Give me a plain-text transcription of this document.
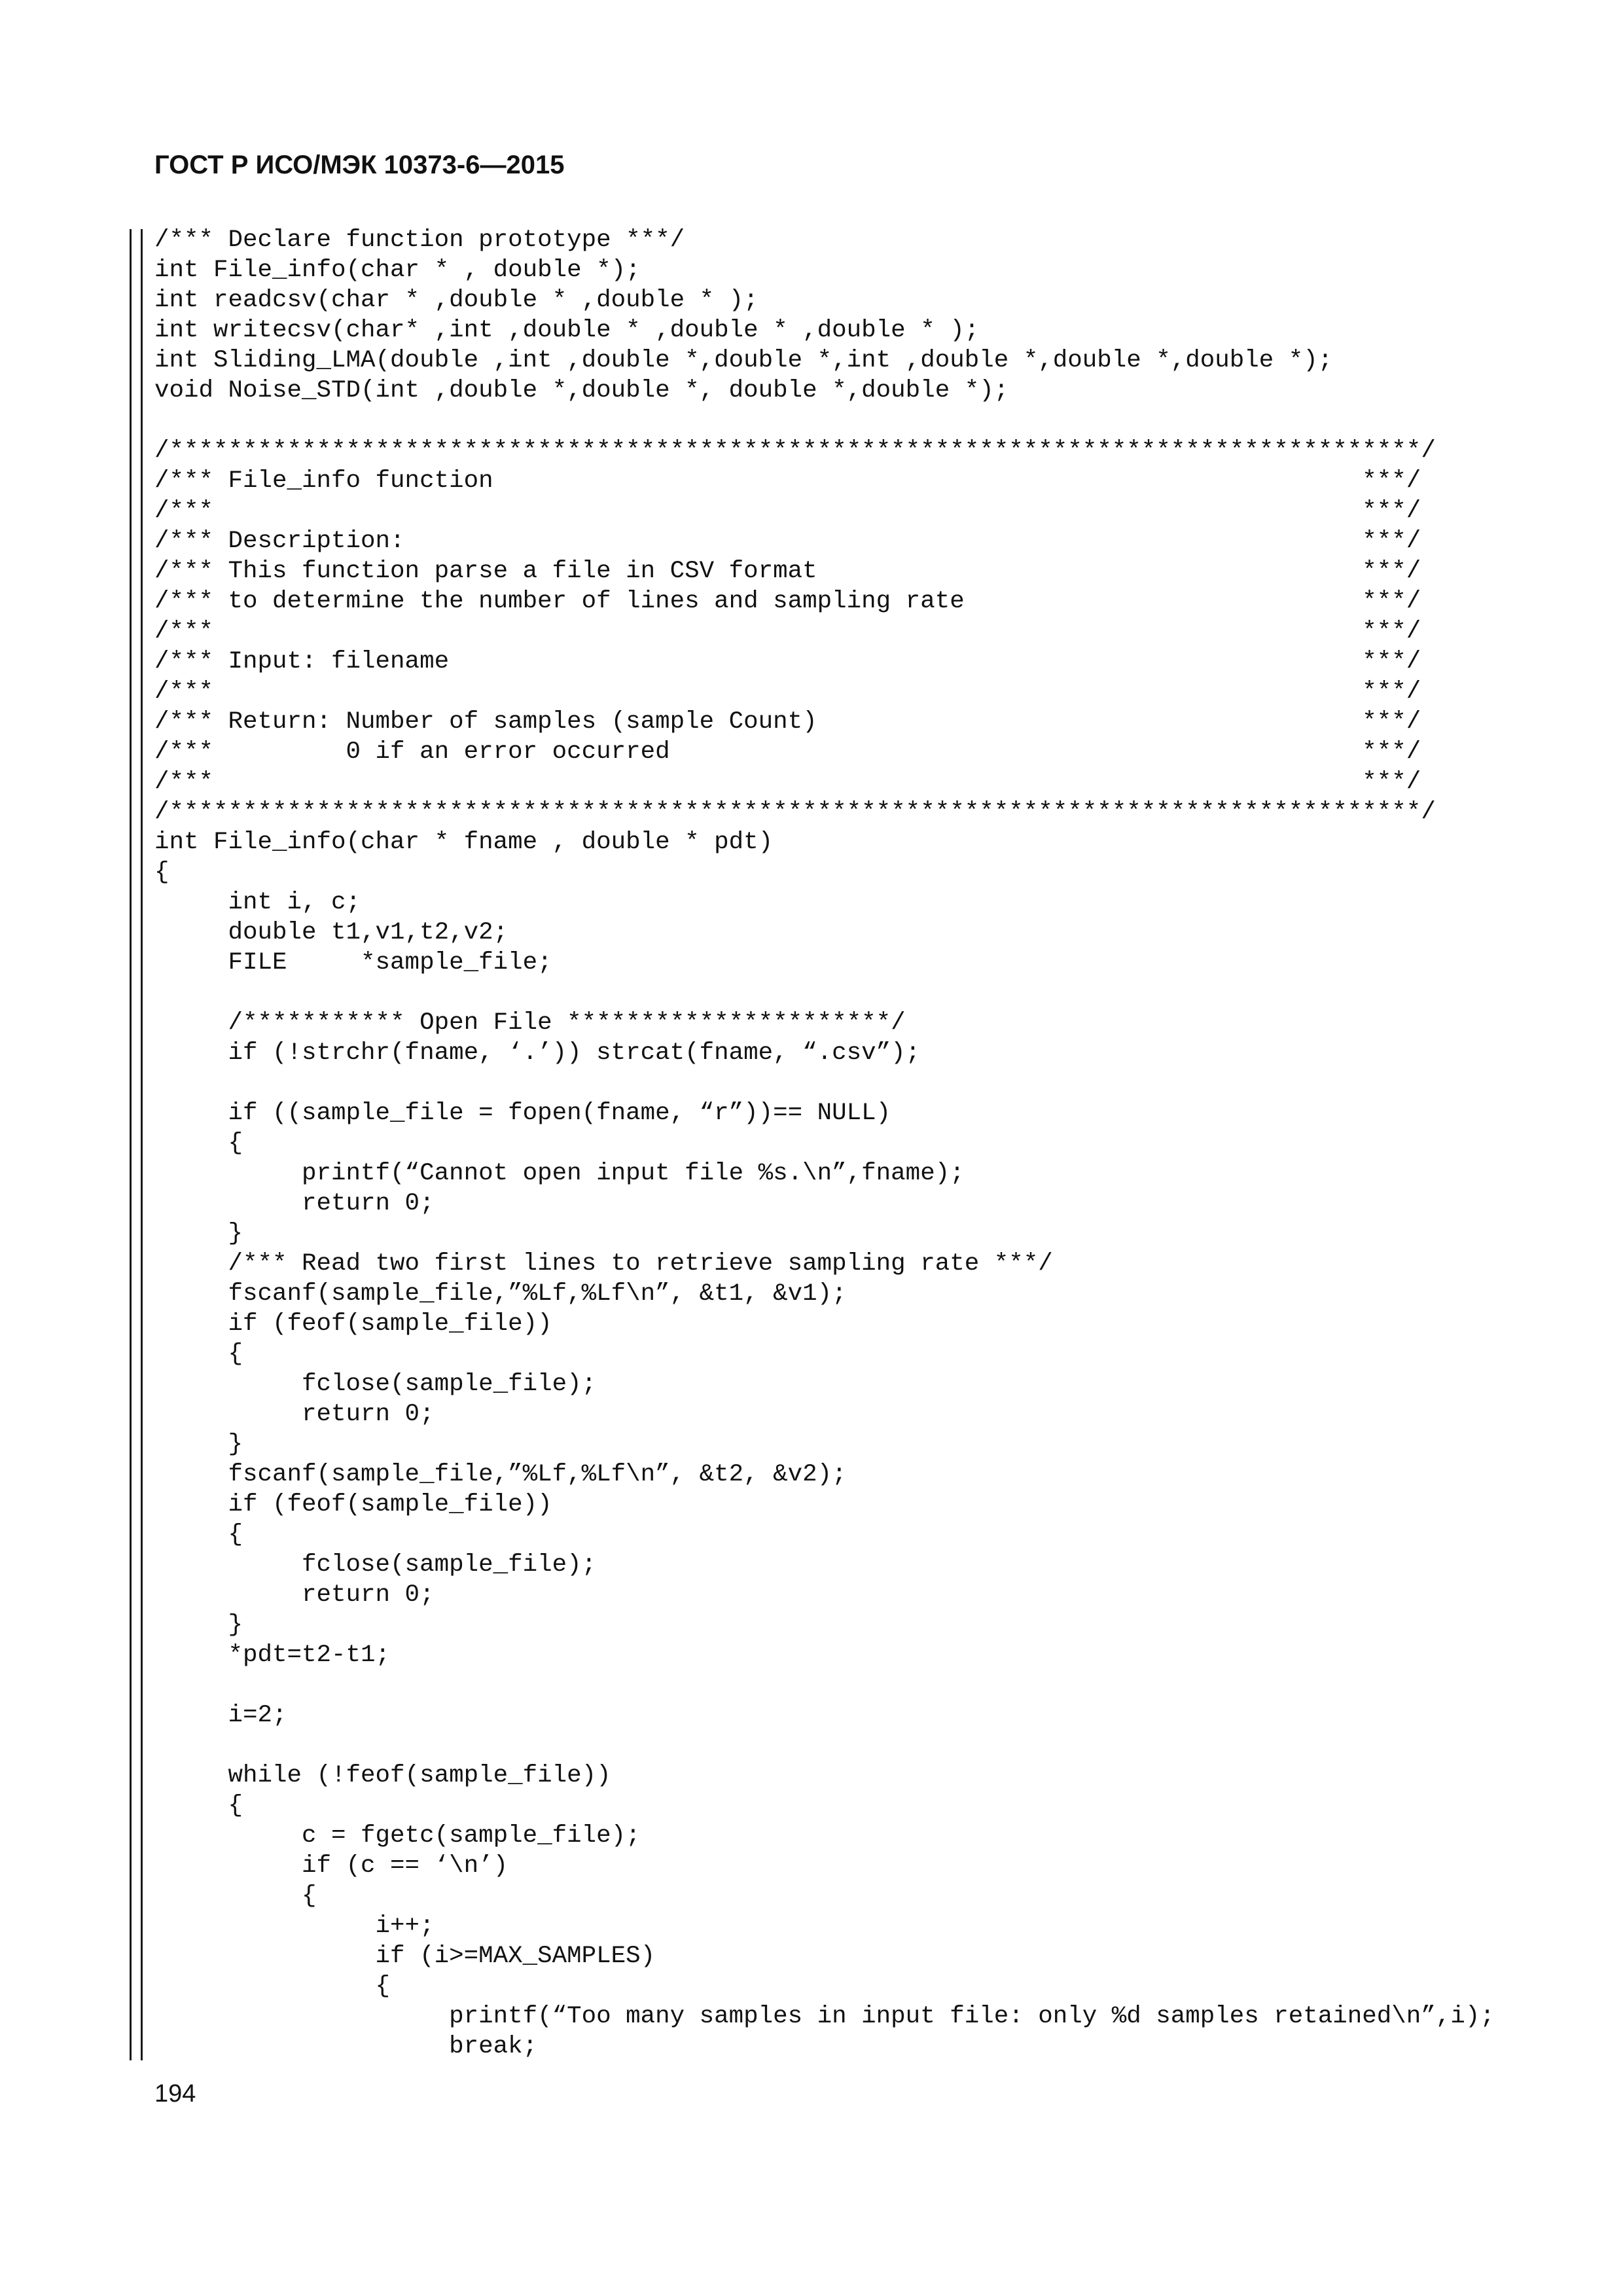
ГОСТ Р ИСО/МЭК 10373-6—2015
/*** Declare function prototype ***/
int File_info(char * , double *);
int readcsv(char * ,double * ,double * );
int writecsv(char* ,int ,double * ,double * ,double * );
int Sliding_LMA(double ,int ,double *,double *,int ,double *,double *,double *);
void Noise_STD(int ,double *,double *, double *,double *);
/*************************************************************************************/
/*** File_info function                                                           ***/
/***                                                                              ***/
/*** Description:                                                                 ***/
/*** This function parse a file in CSV format                                     ***/
/*** to determine the number of lines and sampling rate                           ***/
/***                                                                              ***/
/*** Input: filename                                                              ***/
/***                                                                              ***/
/*** Return: Number of samples (sample Count)                                     ***/
/***         0 if an error occurred                                               ***/
/***                                                                              ***/
/*************************************************************************************/
int File_info(char * fname , double * pdt)
{
int i, c;
double t1,v1,t2,v2;
FILE     *sample_file;
/*********** Open File **********************/
if (!strchr(fname, ‘.’)) strcat(fname, “.csv”);
if ((sample_file = fopen(fname, “r”))== NULL)
{
printf(“Cannot open input file %s.\n”,fname);
return 0;
}
/*** Read two first lines to retrieve sampling rate ***/
fscanf(sample_file,”%Lf,%Lf\n”, &t1, &v1);
if (feof(sample_file))
{
fclose(sample_file);
return 0;
}
fscanf(sample_file,”%Lf,%Lf\n”, &t2, &v2);
if (feof(sample_file))
{
fclose(sample_file);
return 0;
}
*pdt=t2-t1;
i=2;
while (!feof(sample_file))
{
c = fgetc(sample_file);
if (c == ‘\n’)
{
i++;
if (i>=MAX_SAMPLES)
{
printf(“Too many samples in input file: only %d samples retained\n”,i);
break;
194
